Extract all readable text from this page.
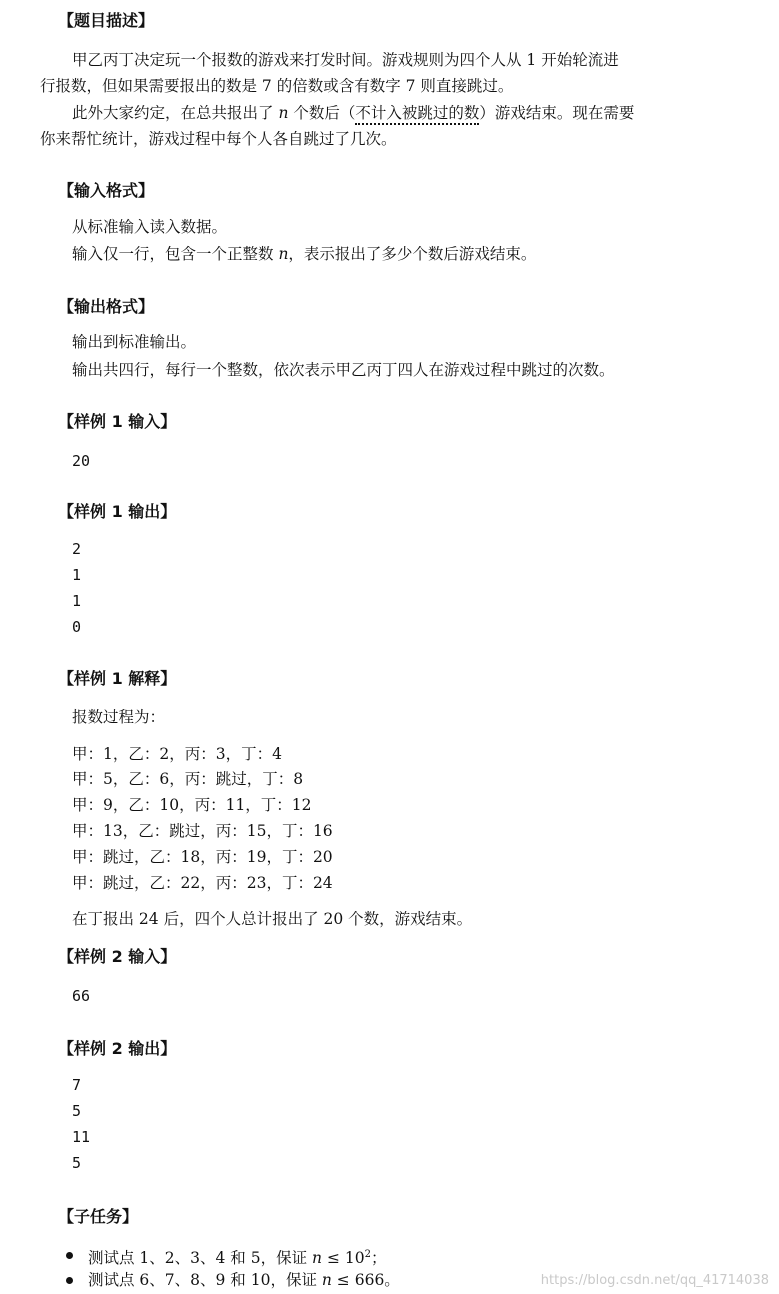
【题目描述】
甲乙丙丁决定玩一个报数的游戏来打发时间。游戏规则为四个人从 1 开始轮流进
行报数，但如果需要报出的数是 7 的倍数或含有数字 7 则直接跳过。
此外大家约定，在总共报出了 n 个数后（不计入被跳过的数）游戏结束。现在需要
你来帮忙统计，游戏过程中每个人各自跳过了几次。
【输入格式】
从标准输入读入数据。
输入仅一行，包含一个正整数 n，表示报出了多少个数后游戏结束。
【输出格式】
输出到标准输出。
输出共四行，每行一个整数，依次表示甲乙丙丁四人在游戏过程中跳过的次数。
【样例 1 输入】
20
【样例 1 输出】
2
1
1
0
【样例 1 解释】
报数过程为：
甲：1，乙：2，丙：3，丁：4
甲：5，乙：6，丙：跳过，丁：8
甲：9，乙：10，丙：11，丁：12
甲：13，乙：跳过，丙：15，丁：16
甲：跳过，乙：18，丙：19，丁：20
甲：跳过，乙：22，丙：23，丁：24
在丁报出 24 后，四个人总计报出了 20 个数，游戏结束。
【样例 2 输入】
66
【样例 2 输出】
7
5
11
5
【子任务】
测试点 1、2、3、4 和 5，保证 $n \le 10^2$；
测试点 6、7、8、9 和 10，保证 n ≤ 666。	https://blog.csdn.net/qq_41714038
